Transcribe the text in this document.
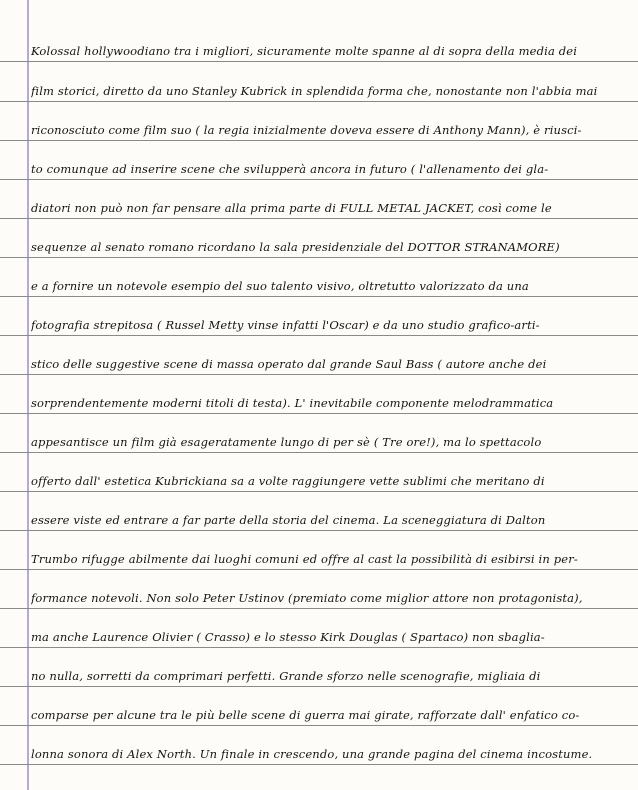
Kolossal hollywoodiano tra i migliori, sicuramente molte spanne al di sopra della media dei
film storici, diretto da uno Stanley Kubrick in splendida forma che, nonostante non l'abbia mai
riconosciuto come film suo ( la regia inizialmente doveva essere di Anthony Mann), è riusci-
to comunque ad inserire scene che svilupperà ancora in futuro ( l'allenamento dei gla-
diatori non può non far pensare alla prima parte di FULL METAL JACKET, così come le
sequenze al senato romano ricordano la sala presidenziale del DOTTOR STRANAMORE)
e a fornire un notevole esempio del suo talento visivo, oltretutto valorizzato da una
fotografia strepitosa ( Russel Metty vinse infatti l'Oscar) e da uno studio grafico-arti-
stico delle suggestive scene di massa operato dal grande Saul Bass ( autore anche dei
sorprendentemente moderni titoli di testa). L' inevitabile componente melodrammatica
appesantisce un film già esageratamente lungo di per sè ( Tre ore!), ma lo spettacolo
offerto dall' estetica Kubrickiana sa a volte raggiungere vette sublimi che meritano di
essere viste ed entrare a far parte della storia del cinema. La sceneggiatura di Dalton
Trumbo rifugge abilmente dai luoghi comuni ed offre al cast la possibilità di esibirsi in per-
formance notevoli. Non solo Peter Ustinov (premiato come miglior attore non protagonista),
ma anche Laurence Olivier ( Crasso) e lo stesso Kirk Douglas ( Spartaco) non sbaglia-
no nulla, sorretti da comprimari perfetti. Grande sforzo nelle scenografie, migliaia di
comparse per alcune tra le più belle scene di guerra mai girate, rafforzate dall' enfatico co-
lonna sonora di Alex North. Un finale in crescendo, una grande pagina del cinema incostume.
